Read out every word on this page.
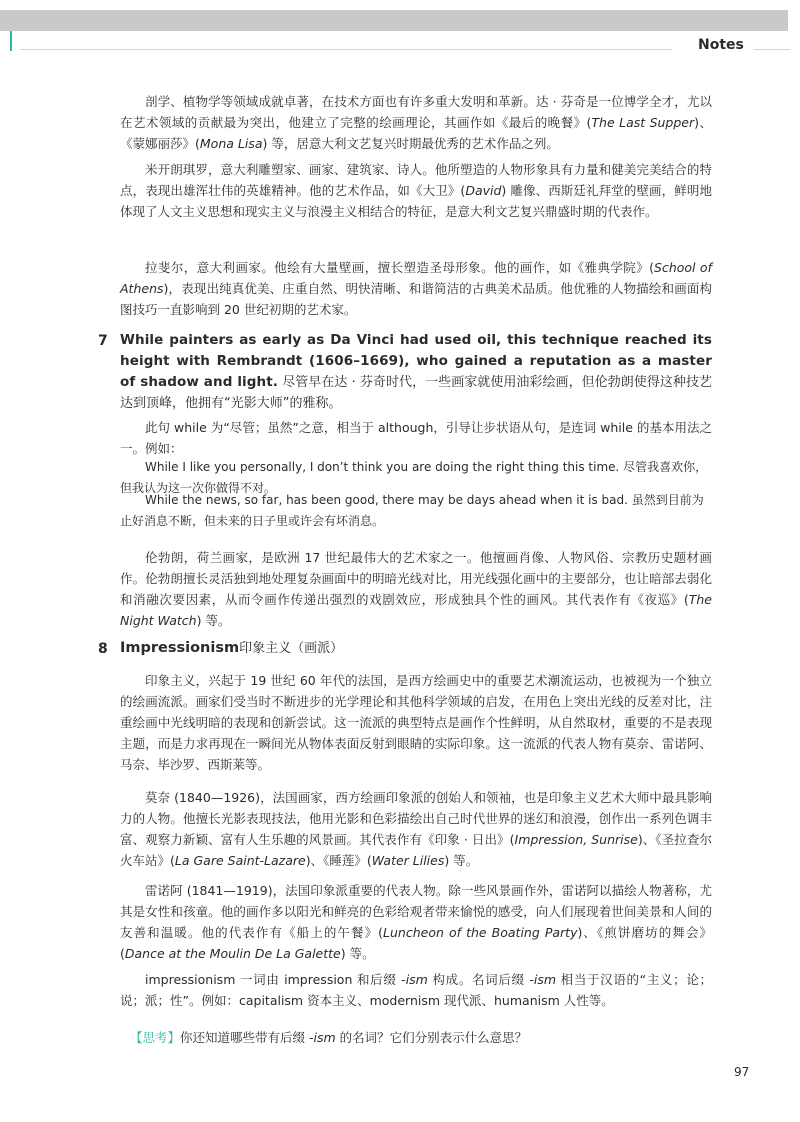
Notes

剖学、植物学等领域成就卓著，在技术方面也有许多重大发明和革新。达 · 芬奇是一位博学全才，尤以在艺术领域的贡献最为突出，他建立了完整的绘画理论，其画作如《最后的晚餐》(The Last Supper)、《蒙娜丽莎》(Mona Lisa) 等，居意大利文艺复兴时期最优秀的艺术作品之列。

米开朗琪罗，意大利雕塑家、画家、建筑家、诗人。他所塑造的人物形象具有力量和健美完美结合的特点，表现出雄浑壮伟的英雄精神。他的艺术作品，如《大卫》(David) 雕像、西斯廷礼拜堂的壁画，鲜明地体现了人文主义思想和现实主义与浪漫主义相结合的特征，是意大利文艺复兴鼎盛时期的代表作。

拉斐尔，意大利画家。他绘有大量壁画，擅长塑造圣母形象。他的画作，如《雅典学院》(School of Athens)，表现出纯真优美、庄重自然、明快清晰、和谐简洁的古典美术品质。他优雅的人物描绘和画面构图技巧一直影响到 20 世纪初期的艺术家。

7 While painters as early as Da Vinci had used oil, this technique reached its height with Rembrandt (1606–1669), who gained a reputation as a master of shadow and light. 尽管早在达 · 芬奇时代，一些画家就使用油彩绘画，但伦勃朗使得这种技艺达到顶峰，他拥有“光影大师”的雅称。

此句 while 为“尽管；虽然”之意，相当于 although，引导让步状语从句，是连词 while 的基本用法之一。例如：

While I like you personally, I don’t think you are doing the right thing this time. 尽管我喜欢你，但我认为这一次你做得不对。

While the news, so far, has been good, there may be days ahead when it is bad. 虽然到目前为止好消息不断，但未来的日子里或许会有坏消息。

伦勃朗，荷兰画家，是欧洲 17 世纪最伟大的艺术家之一。他擅画肖像、人物风俗、宗教历史题材画作。伦勃朗擅长灵活独到地处理复杂画面中的明暗光线对比，用光线强化画中的主要部分，也让暗部去弱化和消融次要因素，从而令画作传递出强烈的戏剧效应，形成独具个性的画风。其代表作有《夜巡》(The Night Watch) 等。

8 Impressionism印象主义（画派）

印象主义，兴起于 19 世纪 60 年代的法国，是西方绘画史中的重要艺术潮流运动，也被视为一个独立的绘画流派。画家们受当时不断进步的光学理论和其他科学领域的启发，在用色上突出光线的反差对比，注重绘画中光线明暗的表现和创新尝试。这一流派的典型特点是画作个性鲜明，从自然取材，重要的不是表现主题，而是力求再现在一瞬间光从物体表面反射到眼睛的实际印象。这一流派的代表人物有莫奈、雷诺阿、马奈、毕沙罗、西斯莱等。

莫奈 (1840—1926)，法国画家，西方绘画印象派的创始人和领袖，也是印象主义艺术大师中最具影响力的人物。他擅长光影表现技法，他用光影和色彩描绘出自己时代世界的迷幻和浪漫，创作出一系列色调丰富、观察力新颖、富有人生乐趣的风景画。其代表作有《印象 · 日出》(Impression, Sunrise)、《圣拉查尔火车站》(La Gare Saint-Lazare)、《睡莲》(Water Lilies) 等。

雷诺阿 (1841—1919)，法国印象派重要的代表人物。除一些风景画作外，雷诺阿以描绘人物著称，尤其是女性和孩童。他的画作多以阳光和鲜亮的色彩给观者带来愉悦的感受，向人们展现着世间美景和人间的友善和温暖。他的代表作有《船上的午餐》(Luncheon of the Boating Party)、《煎饼磨坊的舞会》(Dance at the Moulin De La Galette) 等。

impressionism 一词由 impression 和后缀 -ism 构成。名词后缀 -ism 相当于汉语的“主义；论；说；派；性”。例如：capitalism 资本主义、modernism 现代派、humanism 人性等。

【思考】你还知道哪些带有后缀 -ism 的名词？它们分别表示什么意思？

97
